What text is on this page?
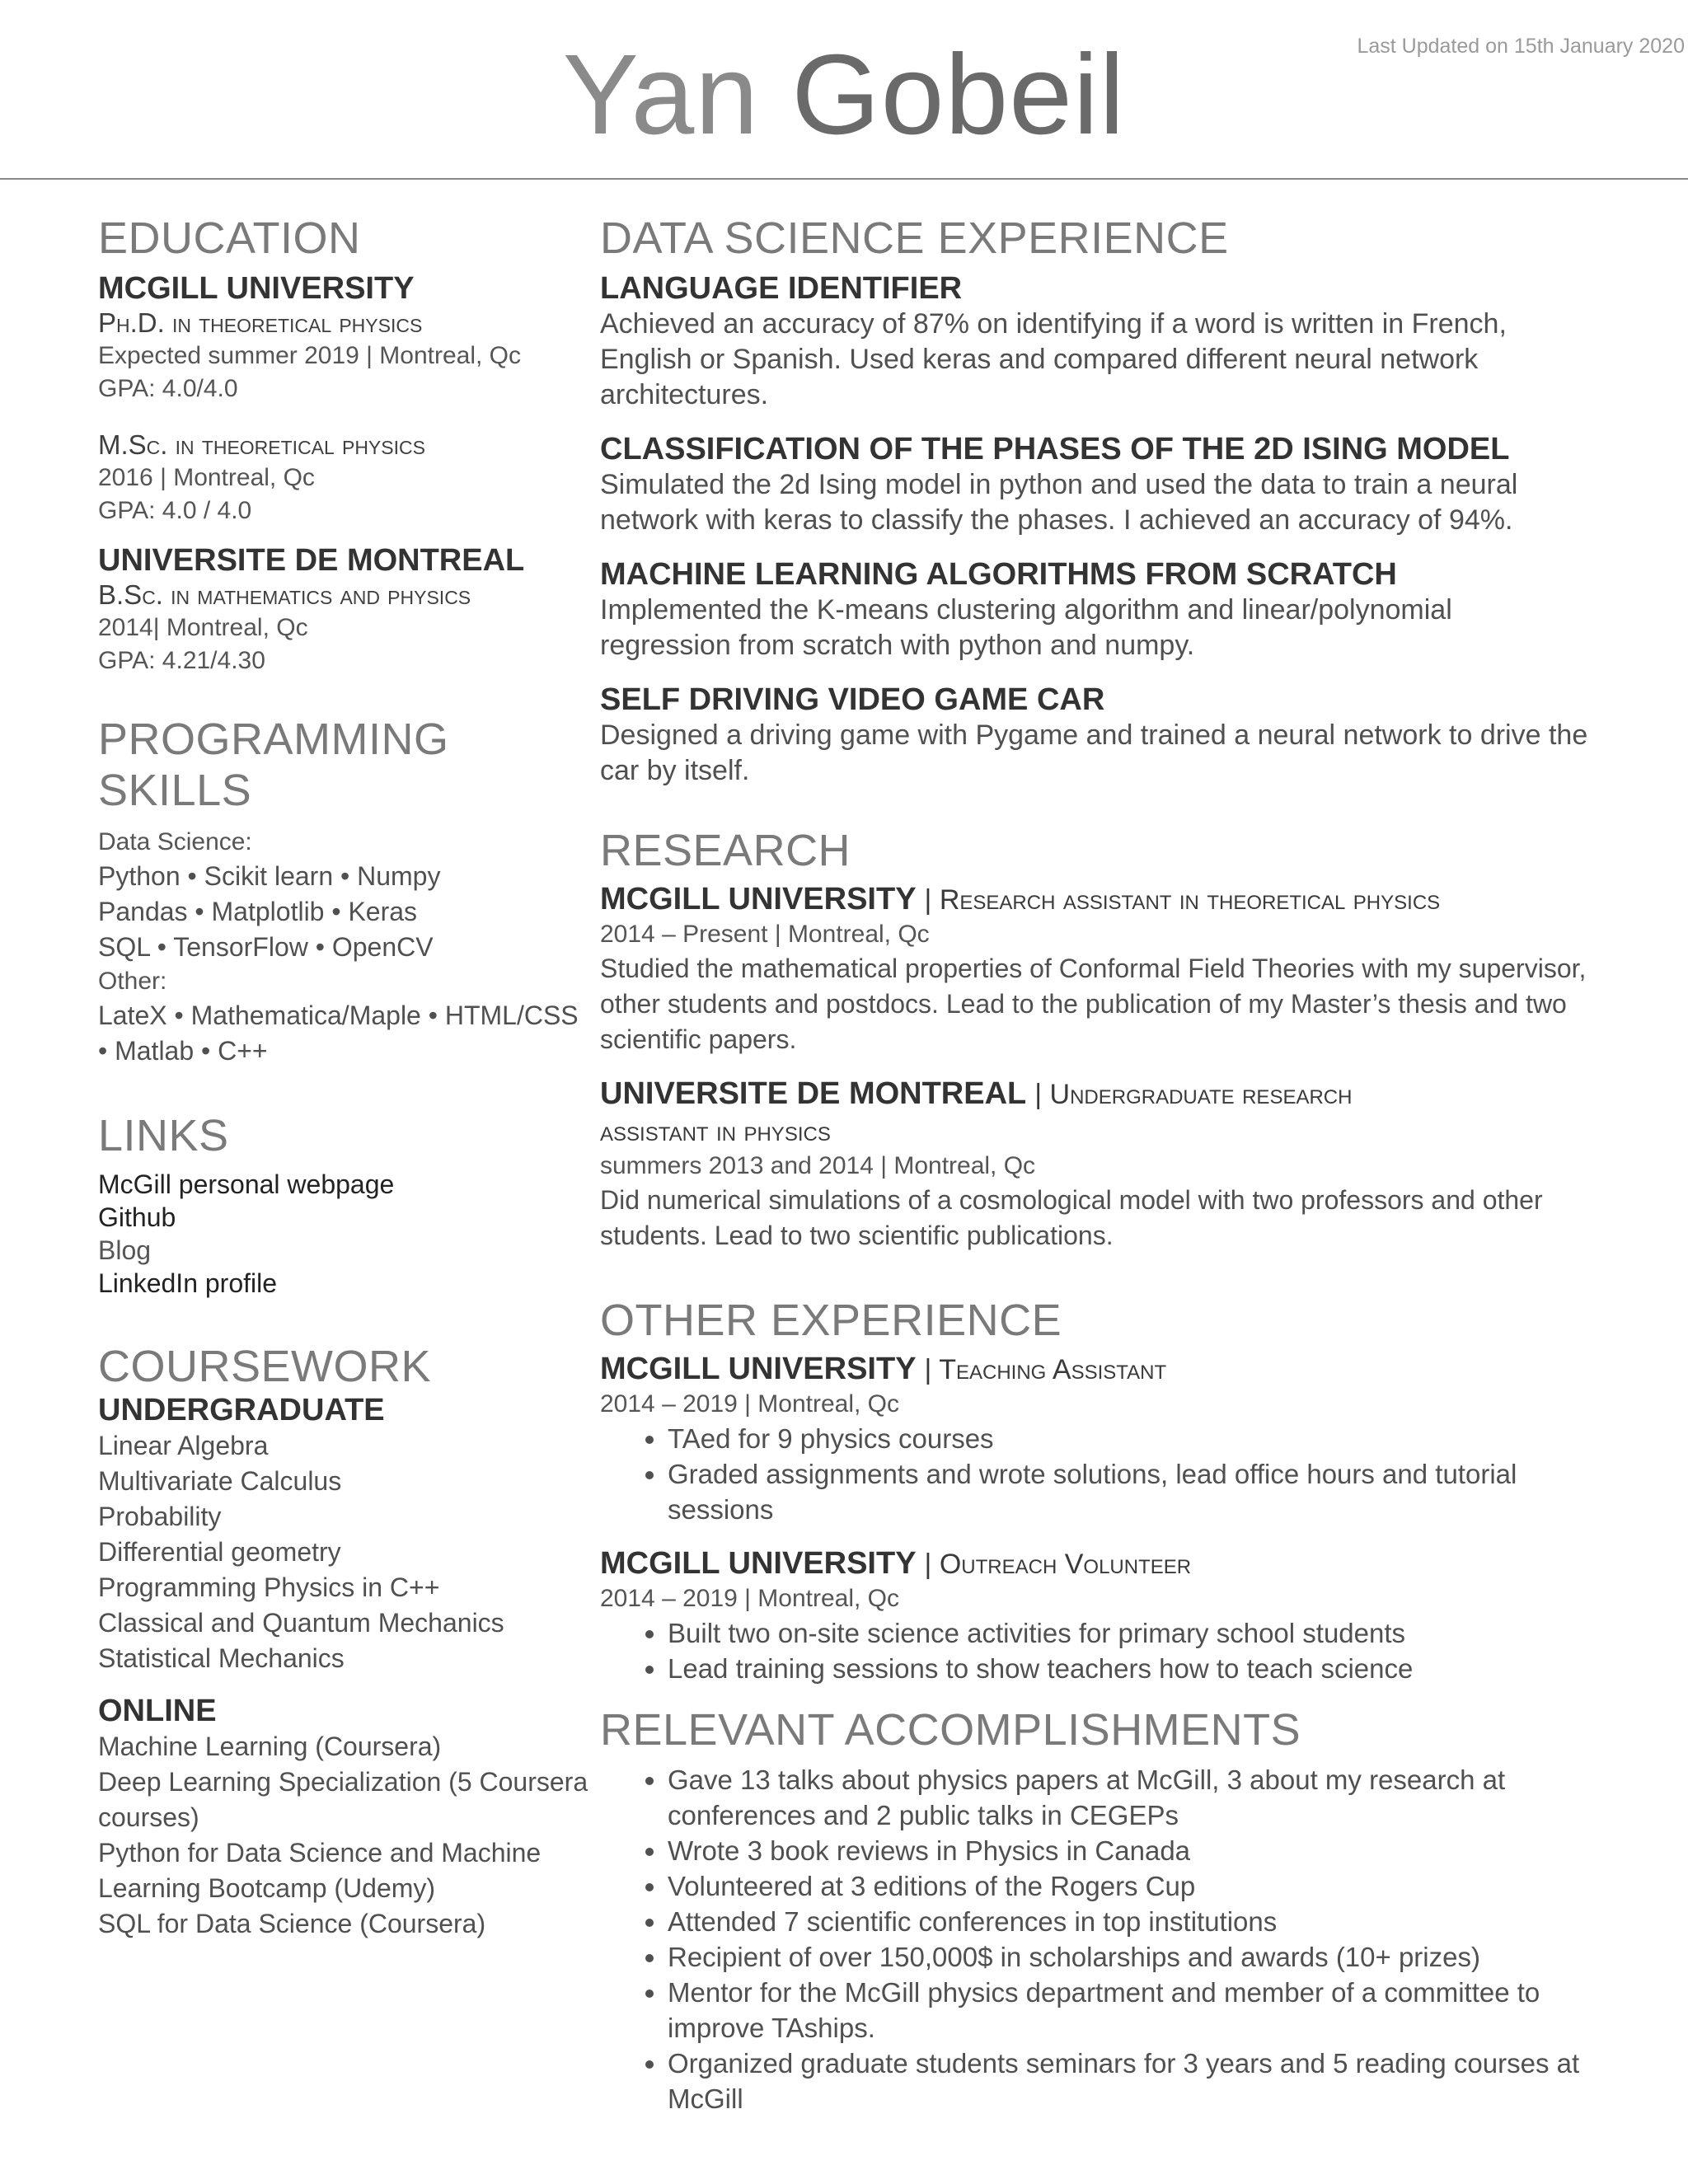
Last Updated on 15th January 2020
Yan Gobeil
EDUCATION
MCGILL UNIVERSITY
Ph.D. in theoretical physics
Expected summer 2019 | Montreal, Qc
GPA: 4.0/4.0
M.Sc. in theoretical physics
2016 | Montreal, Qc
GPA: 4.0 / 4.0
UNIVERSITE DE MONTREAL
B.Sc. in mathematics and physics
2014| Montreal, Qc
GPA: 4.21/4.30
PROGRAMMING SKILLS
Data Science:
Python • Scikit learn • Numpy
Pandas • Matplotlib • Keras
SQL • TensorFlow • OpenCV
Other:
LateX • Mathematica/Maple • HTML/CSS
• Matlab • C++
LINKS
McGill personal webpage
Github
Blog
LinkedIn profile
COURSEWORK
UNDERGRADUATE
Linear Algebra
Multivariate Calculus
Probability
Differential geometry
Programming Physics in C++
Classical and Quantum Mechanics
Statistical Mechanics
ONLINE
Machine Learning (Coursera)
Deep Learning Specialization (5 Coursera
courses)
Python for Data Science and Machine
Learning Bootcamp (Udemy)
SQL for Data Science (Coursera)
DATA SCIENCE EXPERIENCE
LANGUAGE IDENTIFIER
Achieved an accuracy of 87% on identifying if a word is written in French, English or Spanish. Used keras and compared different neural network architectures.
CLASSIFICATION OF THE PHASES OF THE 2D ISING MODEL
Simulated the 2d Ising model in python and used the data to train a neural network with keras to classify the phases. I achieved an accuracy of 94%.
MACHINE LEARNING ALGORITHMS FROM SCRATCH
Implemented the K-means clustering algorithm and linear/polynomial regression from scratch with python and numpy.
SELF DRIVING VIDEO GAME CAR
Designed a driving game with Pygame and trained a neural network to drive the car by itself.
RESEARCH
MCGILL UNIVERSITY | Research assistant in theoretical physics
2014 – Present | Montreal, Qc
Studied the mathematical properties of Conformal Field Theories with my supervisor, other students and postdocs. Lead to the publication of my Master’s thesis and two scientific papers.
UNIVERSITE DE MONTREAL | Undergraduate research assistant in physics
summers 2013 and 2014 | Montreal, Qc
Did numerical simulations of a cosmological model with two professors and other students. Lead to two scientific publications.
OTHER EXPERIENCE
MCGILL UNIVERSITY | Teaching Assistant
2014 – 2019 | Montreal, Qc
• TAed for 9 physics courses
• Graded assignments and wrote solutions, lead office hours and tutorial sessions
MCGILL UNIVERSITY | Outreach Volunteer
2014 – 2019 | Montreal, Qc
• Built two on-site science activities for primary school students
• Lead training sessions to show teachers how to teach science
RELEVANT ACCOMPLISHMENTS
• Gave 13 talks about physics papers at McGill, 3 about my research at conferences and 2 public talks in CEGEPs
• Wrote 3 book reviews in Physics in Canada
• Volunteered at 3 editions of the Rogers Cup
• Attended 7 scientific conferences in top institutions
• Recipient of over 150,000$ in scholarships and awards (10+ prizes)
• Mentor for the McGill physics department and member of a committee to improve TAships.
• Organized graduate students seminars for 3 years and 5 reading courses at McGill
